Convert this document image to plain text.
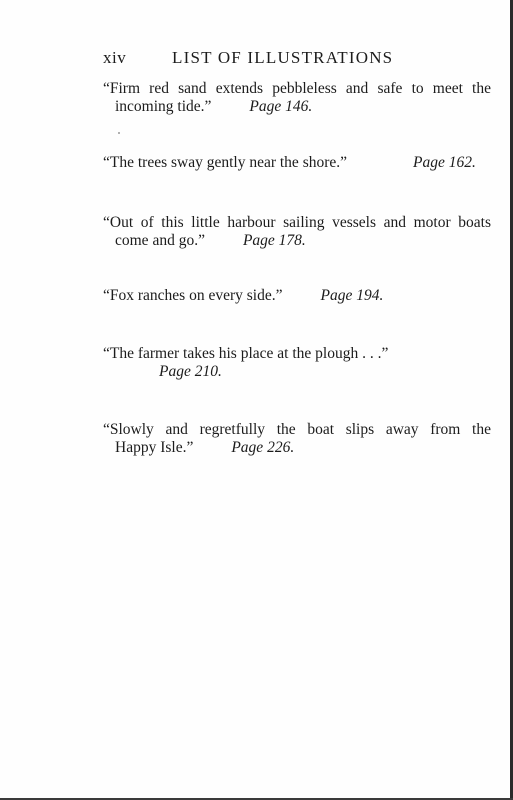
xiv	LIST OF ILLUSTRATIONS
“Firm red sand extends pebbleless and safe to meet the
incoming tide.” Page 146.
“The trees sway gently near the shore.”	Page 162.
“Out of this little harbour sailing vessels and motor boats
come and go.” Page 178.
“Fox ranches on every side.” Page 194.
“The farmer takes his place at the plough . . .”
Page 210.
“Slowly and regretfully the boat slips away from the
Happy Isle.” Page 226.
